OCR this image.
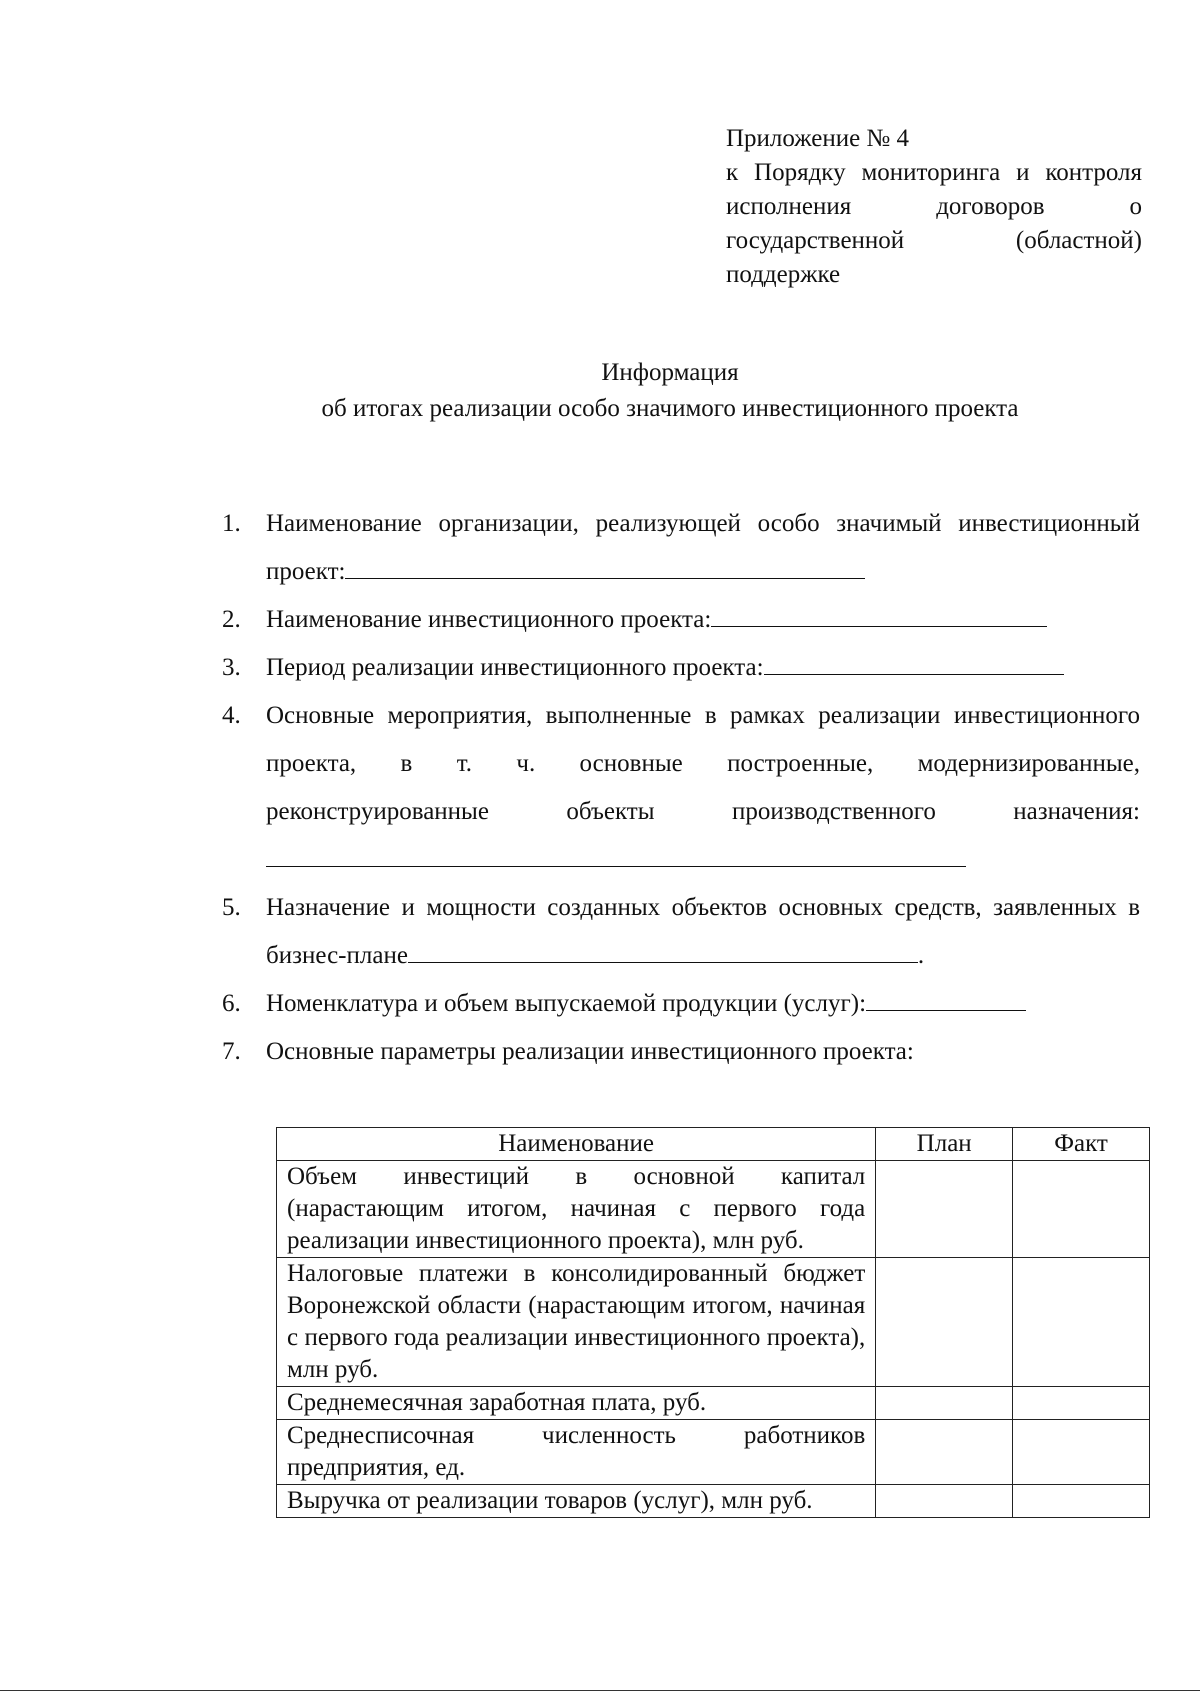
Приложение № 4
к Порядку мониторинга и контроля исполнения договоров о государственной (областной) поддержке
Информация
об итогах реализации особо значимого инвестиционного проекта
1. Наименование организации, реализующей особо значимый инвестиционный проект:
2. Наименование инвестиционного проекта:
3. Период реализации инвестиционного проекта:
4. Основные мероприятия, выполненные в рамках реализации инвестиционного проекта, в т. ч. основные построенные, модернизированные, реконструированные объекты производственного назначения:
5. Назначение и мощности созданных объектов основных средств, заявленных в бизнес-плане	.
6. Номенклатура и объем выпускаемой продукции (услуг):
7. Основные параметры реализации инвестиционного проекта:
Наименование	План	Факт
Объем инвестиций в основной капитал (нарастающим итогом, начиная с первого года реализации инвестиционного проекта), млн руб.		
Налоговые платежи в консолидированный бюджет Воронежской области (нарастающим итогом, начиная с первого года реализации инвестиционного проекта), млн руб.		
Среднемесячная заработная плата, руб.		
Среднесписочная численность работников предприятия, ед.		
Выручка от реализации товаров (услуг), млн руб.		
